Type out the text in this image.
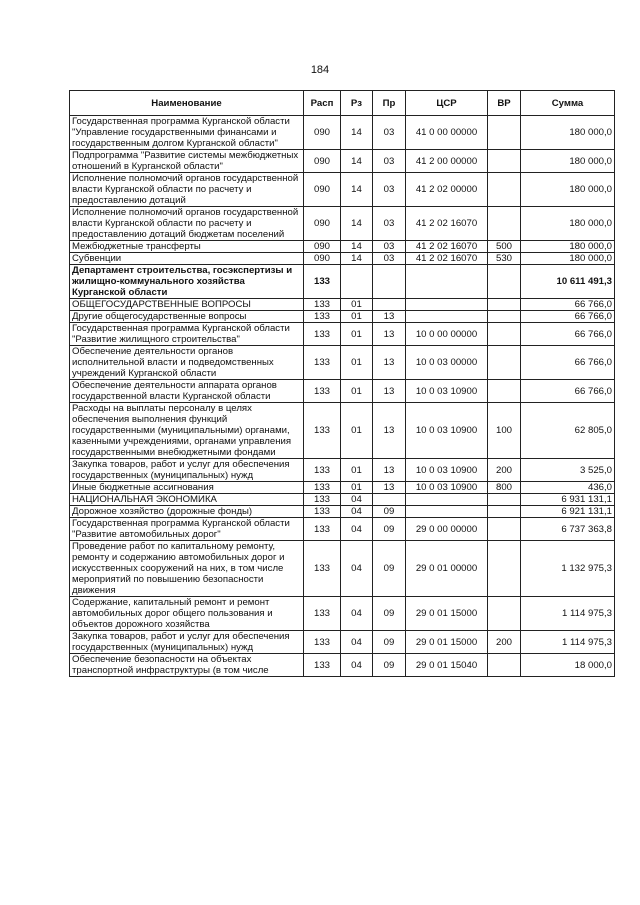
184
Наименование	Расп	Рз	Пр	ЦСР	ВР	Сумма
Государственная программа Курганской области "Управление государственными финансами и государственным долгом Курганской области"	090	14	03	41 0 00 00000		180 000,0
Подпрограмма "Развитие системы межбюджетных отношений в Курганской области"	090	14	03	41 2 00 00000		180 000,0
Исполнение полномочий органов государственной власти Курганской области по расчету и предоставлению дотаций	090	14	03	41 2 02 00000		180 000,0
Исполнение полномочий органов государственной власти Курганской области по расчету и предоставлению дотаций бюджетам поселений	090	14	03	41 2 02 16070		180 000,0
Межбюджетные трансферты	090	14	03	41 2 02 16070	500	180 000,0
Субвенции	090	14	03	41 2 02 16070	530	180 000,0
Департамент строительства, госэкспертизы и жилищно-коммунального хозяйства Курганской области	133					10 611 491,3
ОБЩЕГОСУДАРСТВЕННЫЕ ВОПРОСЫ	133	01				66 766,0
Другие общегосударственные вопросы	133	01	13			66 766,0
Государственная программа Курганской области "Развитие жилищного строительства"	133	01	13	10 0 00 00000		66 766,0
Обеспечение деятельности органов исполнительной власти и подведомственных учреждений Курганской области	133	01	13	10 0 03 00000		66 766,0
Обеспечение деятельности аппарата органов государственной власти Курганской области	133	01	13	10 0 03 10900		66 766,0
Расходы на выплаты персоналу в целях обеспечения выполнения функций государственными (муниципальными) органами, казенными учреждениями, органами управления государственными внебюджетными фондами	133	01	13	10 0 03 10900	100	62 805,0
Закупка товаров, работ и услуг для обеспечения государственных (муниципальных) нужд	133	01	13	10 0 03 10900	200	3 525,0
Иные бюджетные ассигнования	133	01	13	10 0 03 10900	800	436,0
НАЦИОНАЛЬНАЯ ЭКОНОМИКА	133	04				6 931 131,1
Дорожное хозяйство (дорожные фонды)	133	04	09			6 921 131,1
Государственная программа Курганской области "Развитие автомобильных дорог"	133	04	09	29 0 00 00000		6 737 363,8
Проведение работ по капитальному ремонту, ремонту и содержанию автомобильных дорог и искусственных сооружений на них, в том числе мероприятий по повышению безопасности движения	133	04	09	29 0 01 00000		1 132 975,3
Содержание, капитальный ремонт и ремонт автомобильных дорог общего пользования и объектов дорожного хозяйства	133	04	09	29 0 01 15000		1 114 975,3
Закупка товаров, работ и услуг для обеспечения государственных (муниципальных) нужд	133	04	09	29 0 01 15000	200	1 114 975,3
Обеспечение безопасности на объектах транспортной инфраструктуры (в том числе	133	04	09	29 0 01 15040		18 000,0
